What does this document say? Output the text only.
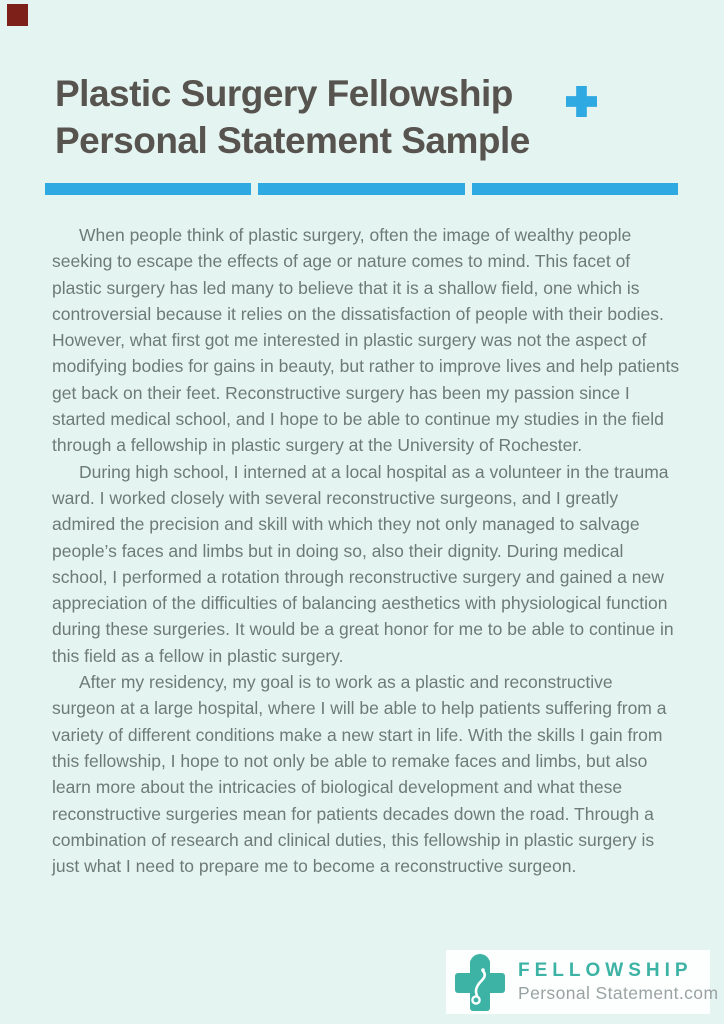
Plastic Surgery Fellowship
Personal Statement Sample

When people think of plastic surgery, often the image of wealthy people seeking to escape the effects of age or nature comes to mind. This facet of plastic surgery has led many to believe that it is a shallow field, one which is controversial because it relies on the dissatisfaction of people with their bodies. However, what first got me interested in plastic surgery was not the aspect of modifying bodies for gains in beauty, but rather to improve lives and help patients get back on their feet. Reconstructive surgery has been my passion since I started medical school, and I hope to be able to continue my studies in the field through a fellowship in plastic surgery at the University of Rochester.

During high school, I interned at a local hospital as a volunteer in the trauma ward. I worked closely with several reconstructive surgeons, and I greatly admired the precision and skill with which they not only managed to salvage people’s faces and limbs but in doing so, also their dignity. During medical school, I performed a rotation through reconstructive surgery and gained a new appreciation of the difficulties of balancing aesthetics with physiological function during these surgeries. It would be a great honor for me to be able to continue in this field as a fellow in plastic surgery.

After my residency, my goal is to work as a plastic and reconstructive surgeon at a large hospital, where I will be able to help patients suffering from a variety of different conditions make a new start in life. With the skills I gain from this fellowship, I hope to not only be able to remake faces and limbs, but also learn more about the intricacies of biological development and what these reconstructive surgeries mean for patients decades down the road. Through a combination of research and clinical duties, this fellowship in plastic surgery is just what I need to prepare me to become a reconstructive surgeon.

FELLOWSHIP
Personal Statement.com
